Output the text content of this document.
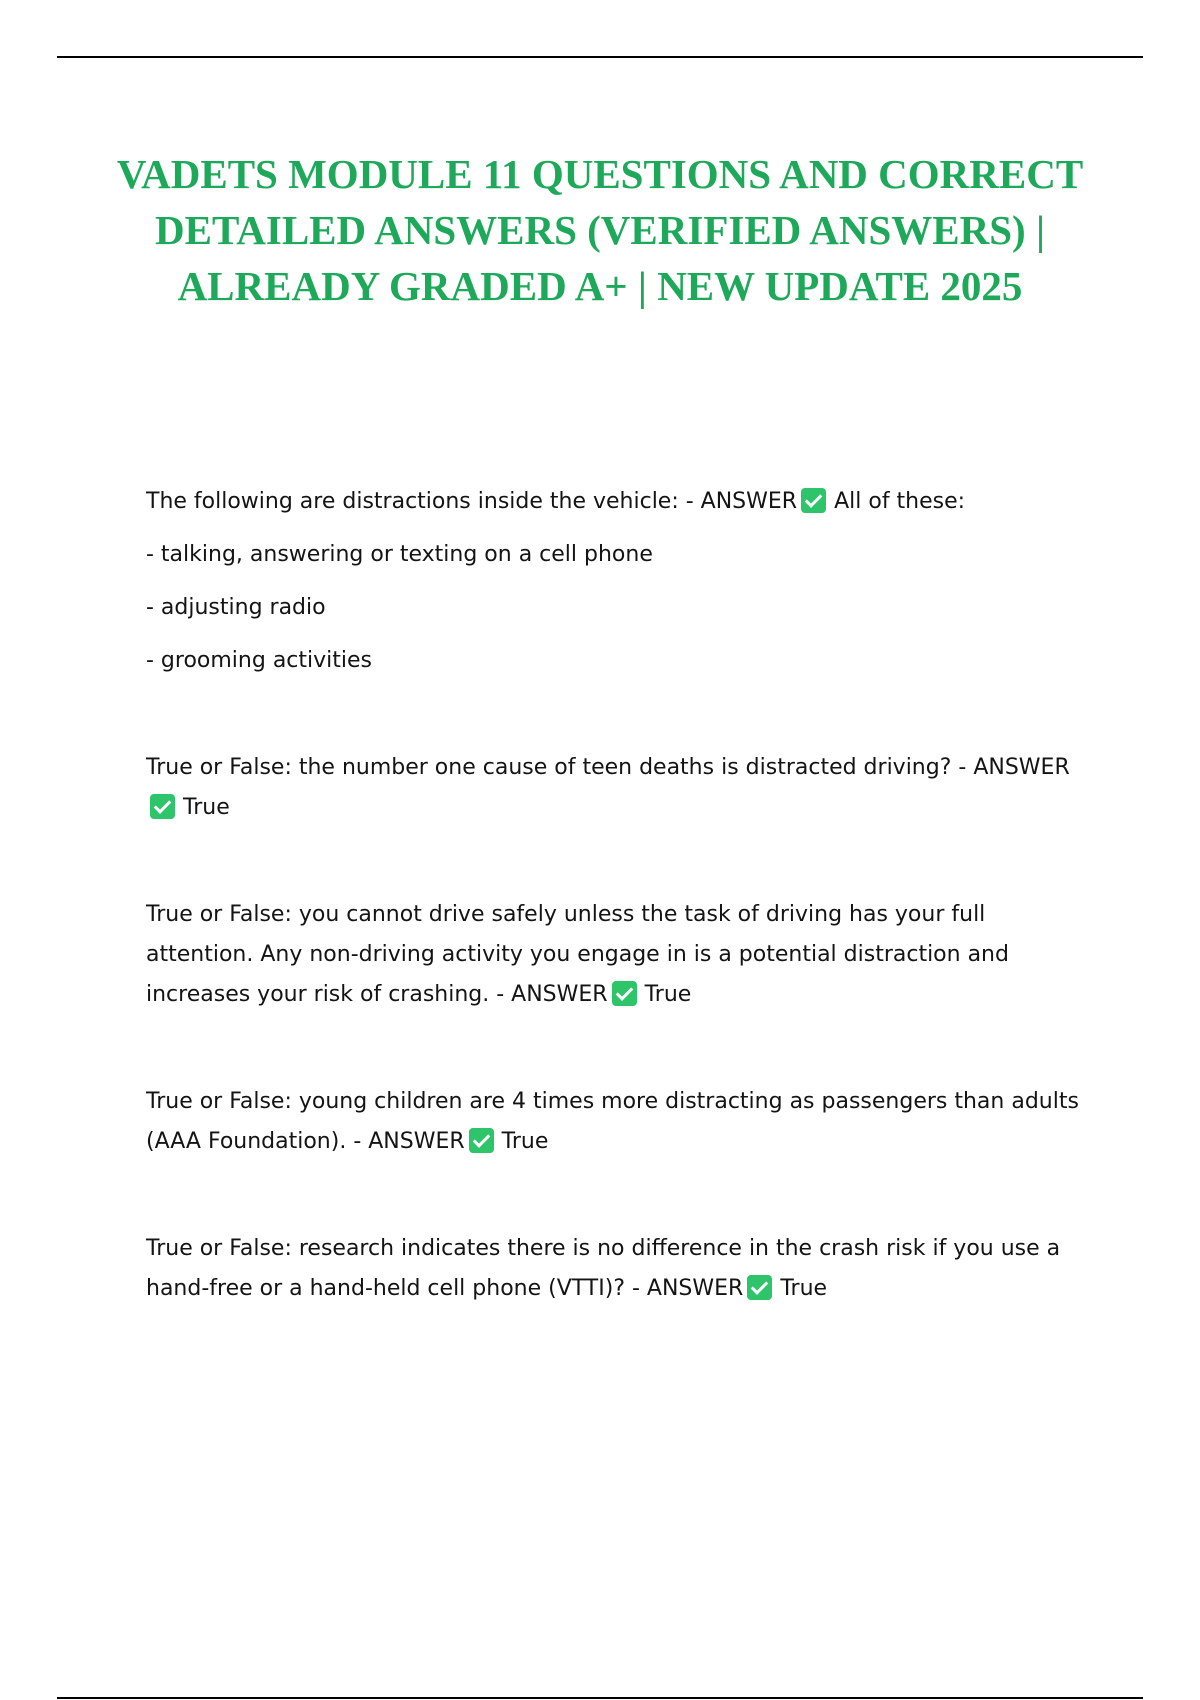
VADETS MODULE 11 QUESTIONS AND CORRECT DETAILED ANSWERS (VERIFIED ANSWERS) | ALREADY GRADED A+ | NEW UPDATE 2025

The following are distractions inside the vehicle: - ANSWER All of these:
- talking, answering or texting on a cell phone
- adjusting radio
- grooming activities

True or False: the number one cause of teen deaths is distracted driving? - ANSWERTrue

True or False: you cannot drive safely unless the task of driving has your full attention. Any non-driving activity you engage in is a potential distraction and increases your risk of crashing. - ANSWER True

True or False: young children are 4 times more distracting as passengers than adults (AAA Foundation). - ANSWER True

True or False: research indicates there is no difference in the crash risk if you use a hand-free or a hand-held cell phone (VTTI)? - ANSWER True
